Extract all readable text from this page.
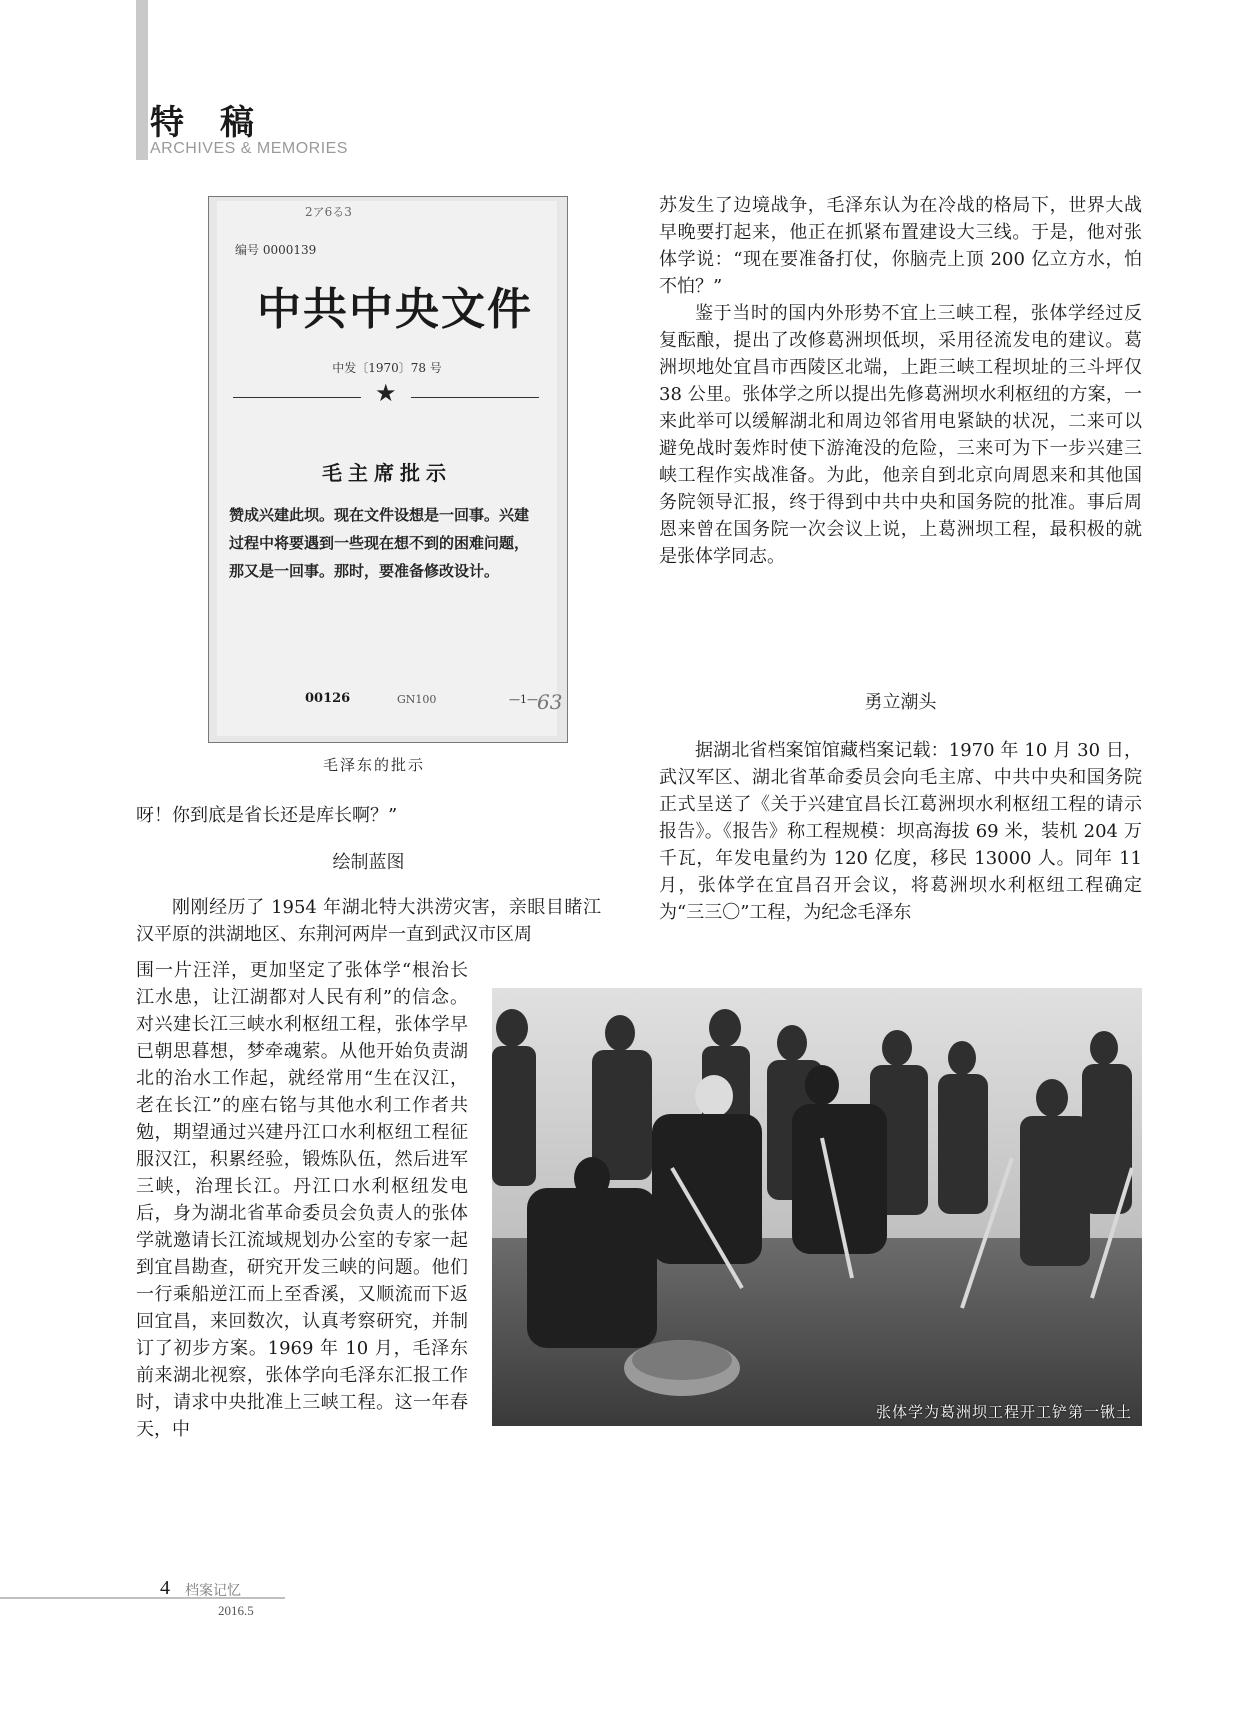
特稿
ARCHIVES & MEMORIES
2ア6る3
编号 0000139
中共中央文件
中发〔1970〕78 号
★
毛主席批示
赞成兴建此坝。现在文件设想是一回事。兴建过程中将要遇到一些现在想不到的困难问题，那又是一回事。那时，要准备修改设计。
00126	GN100	—1— 63
毛泽东的批示

呀！你到底是省长还是库长啊？”

绘制蓝图

刚刚经历了 1954 年湖北特大洪涝灾害，亲眼目睹江汉平原的洪湖地区、东荆河两岸一直到武汉市区周

围一片汪洋，更加坚定了张体学“根治长江水患，让江湖都对人民有利”的信念。对兴建长江三峡水利枢纽工程，张体学早已朝思暮想，梦牵魂萦。从他开始负责湖北的治水工作起，就经常用“生在汉江，老在长江”的座右铭与其他水利工作者共勉，期望通过兴建丹江口水利枢纽工程征服汉江，积累经验，锻炼队伍，然后进军三峡，治理长江。丹江口水利枢纽发电后，身为湖北省革命委员会负责人的张体学就邀请长江流域规划办公室的专家一起到宜昌勘查，研究开发三峡的问题。他们一行乘船逆江而上至香溪，又顺流而下返回宜昌，来回数次，认真考察研究，并制订了初步方案。1969 年 10 月，毛泽东前来湖北视察，张体学向毛泽东汇报工作时，请求中央批准上三峡工程。这一年春天，中

苏发生了边境战争，毛泽东认为在冷战的格局下，世界大战早晚要打起来，他正在抓紧布置建设大三线。于是，他对张体学说：“现在要准备打仗，你脑壳上顶 200 亿立方水，怕不怕？”

鉴于当时的国内外形势不宜上三峡工程，张体学经过反复酝酿，提出了改修葛洲坝低坝，采用径流发电的建议。葛洲坝地处宜昌市西陵区北端，上距三峡工程坝址的三斗坪仅 38 公里。张体学之所以提出先修葛洲坝水利枢纽的方案，一来此举可以缓解湖北和周边邻省用电紧缺的状况，二来可以避免战时轰炸时使下游淹没的危险，三来可为下一步兴建三峡工程作实战准备。为此，他亲自到北京向周恩来和其他国务院领导汇报，终于得到中共中央和国务院的批准。事后周恩来曾在国务院一次会议上说，上葛洲坝工程，最积极的就是张体学同志。

勇立潮头

据湖北省档案馆馆藏档案记载：1970 年 10 月 30 日，武汉军区、湖北省革命委员会向毛主席、中共中央和国务院正式呈送了《关于兴建宜昌长江葛洲坝水利枢纽工程的请示报告》。《报告》称工程规模：坝高海拔 69 米，装机 204 万千瓦，年发电量约为 120 亿度，移民 13000 人。同年 11 月，张体学在宜昌召开会议，将葛洲坝水利枢纽工程确定为“三三〇”工程，为纪念毛泽东

张体学为葛洲坝工程开工铲第一锹土
4 档案记忆
2016.5
